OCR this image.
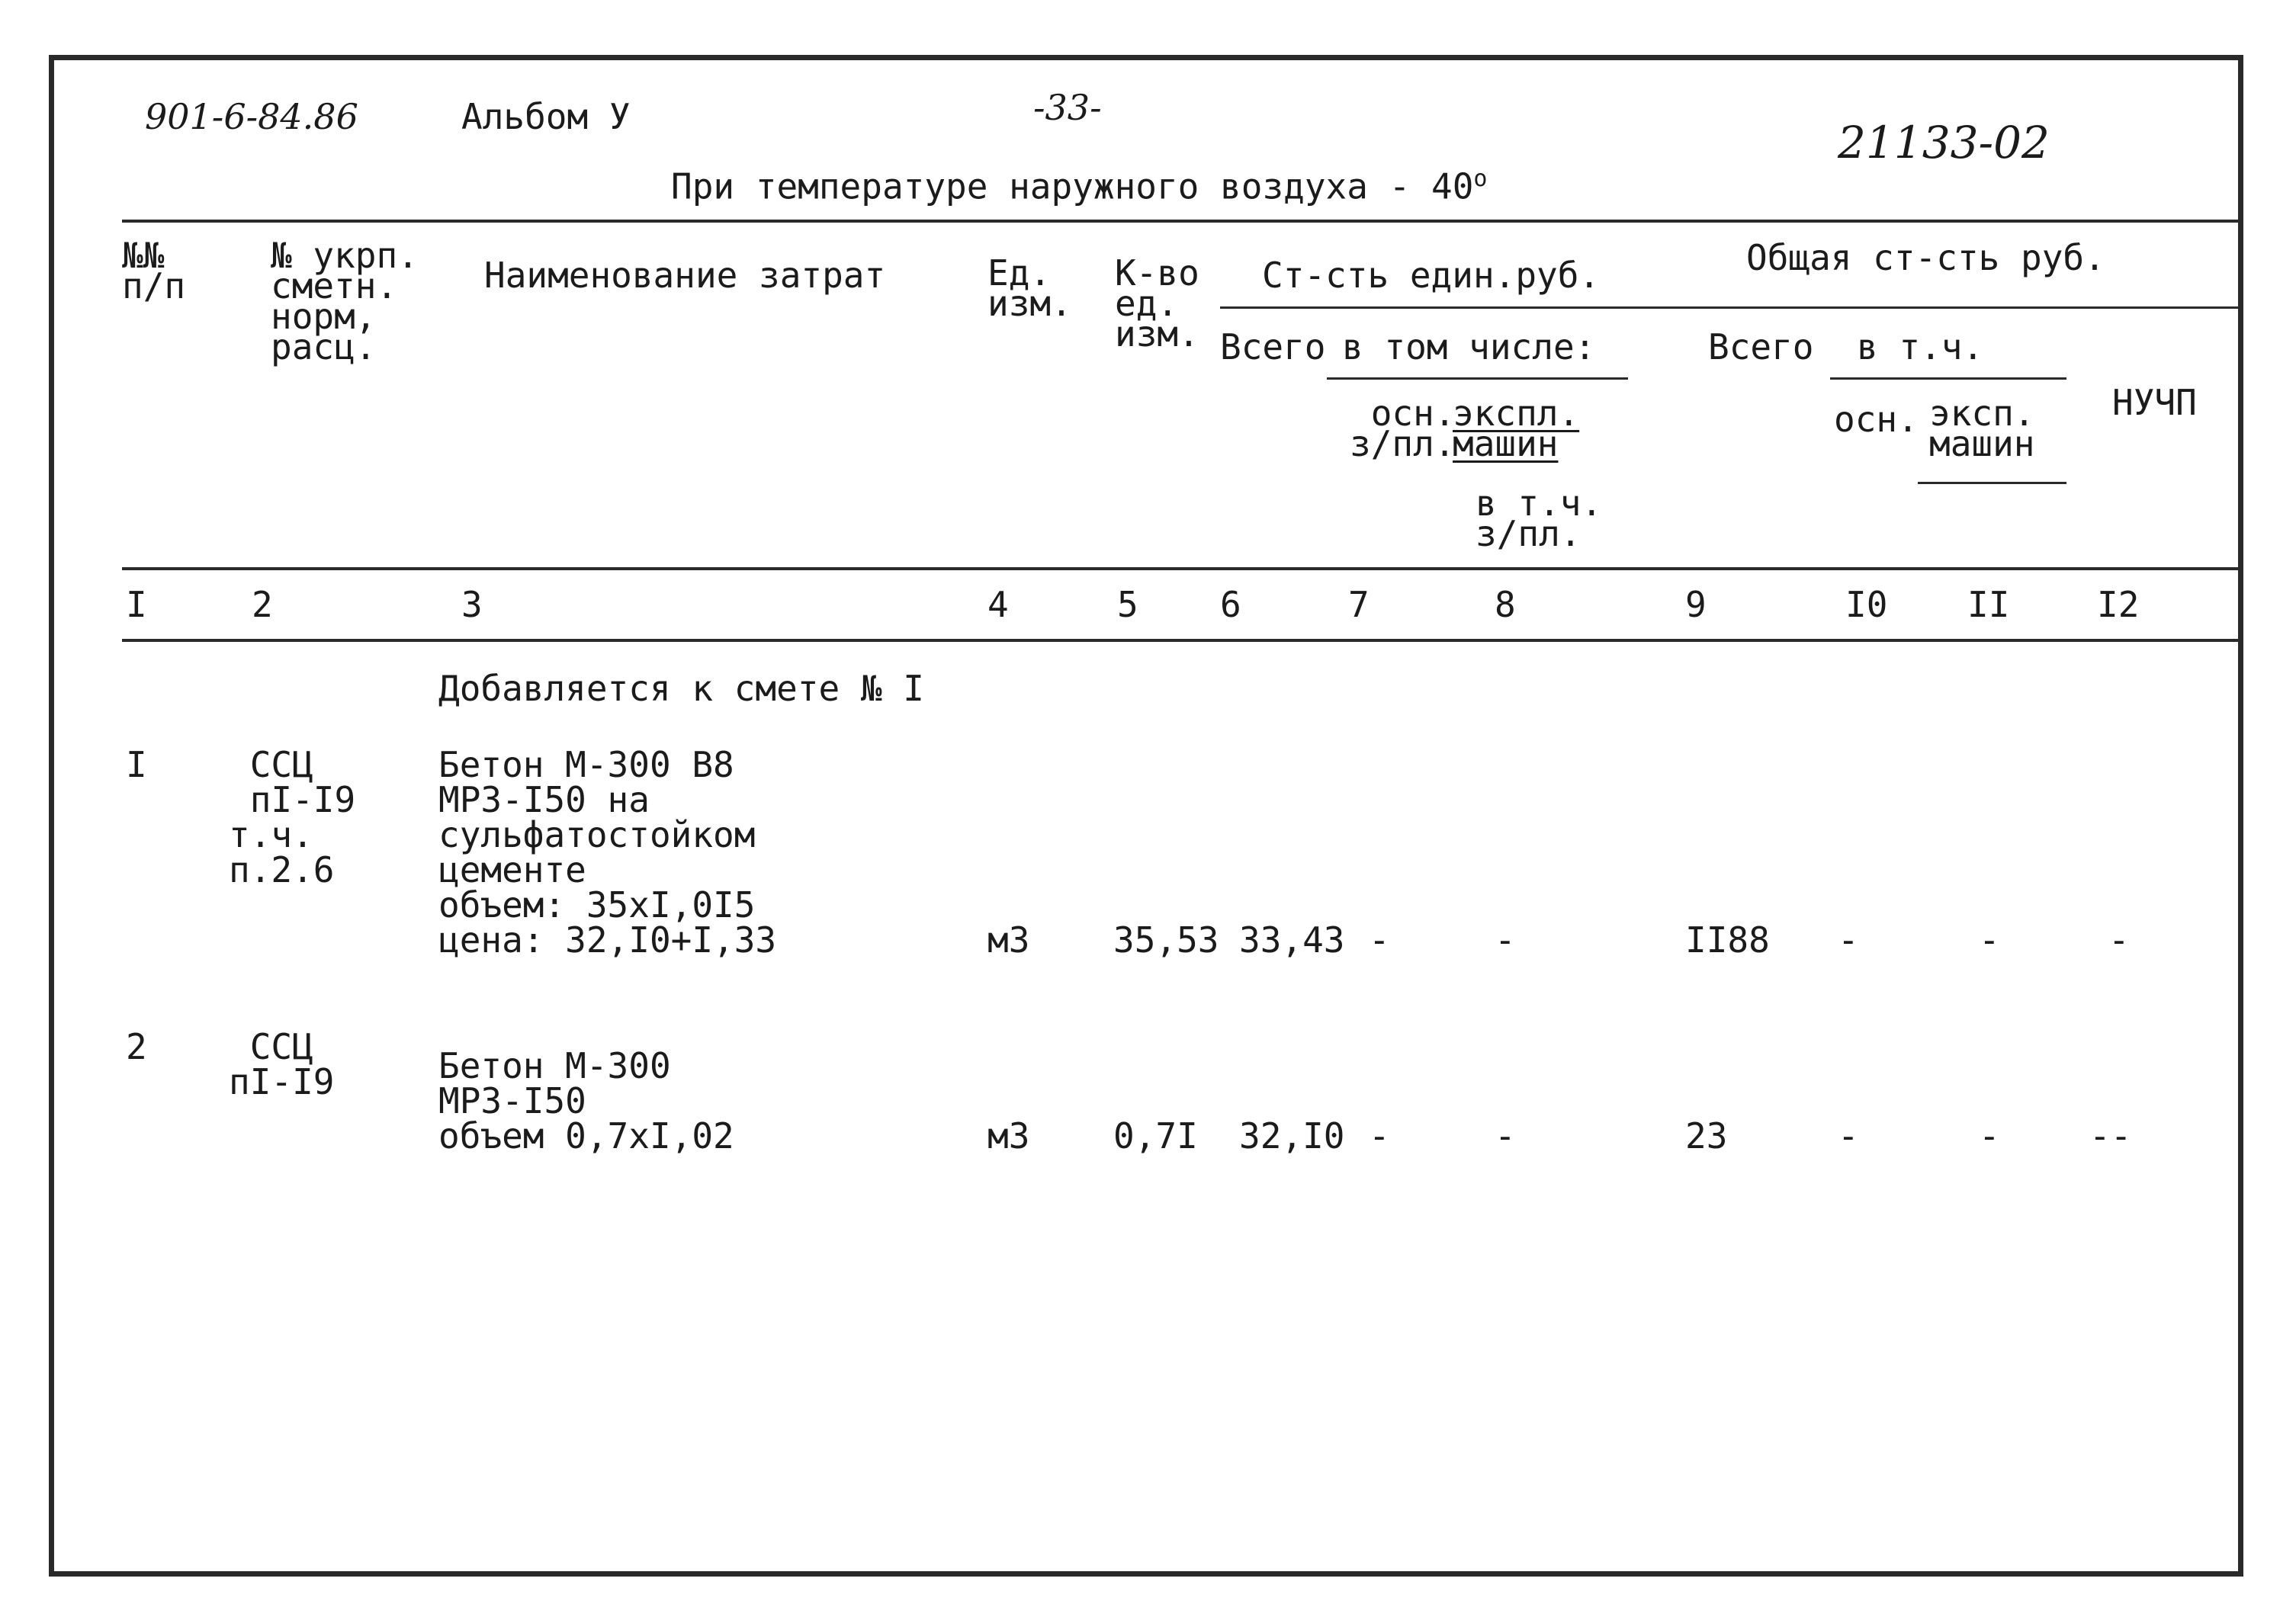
901-6-84.86	Альбом У	-33-
21133-02
При температуре наружного воздуха - 40$^o$
№№
п/п
№ укрп.
сметн.
норм,
расц.
Наименование затрат	Ед.
изм.
К-во
ед.
изм.
Ст-сть един.руб.
Всего в том числе:
осн.
з/пл.
экспл.
машин
в т.ч.
з/пл.
Общая ст-сть руб.
Всего в т.ч.
осн. эксп.
машин
НУЧП
I	2	3	4	5 6	7	8	9	I0 II I2
Добавляется к смете № I
I	ССЦ
пI-I9
т.ч.
п.2.6
Бетон М-300 В8
МРЗ-I50 на
сульфатостойком
цементе
объем: 35хI,0I5
цена: 32,I0+I,33	м3 35,53 33,43 -	-	II88 -	-	-
2	ССЦ
пI-I9	Бетон М-300
МРЗ-I50
объем 0,7хI,02	м3 0,7I 32,I0 -	-	23	-	-	--
